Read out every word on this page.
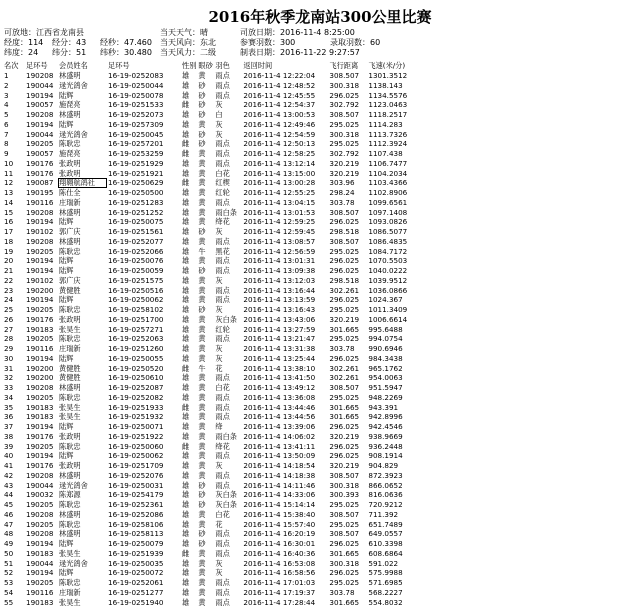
2016年秋季龙南站300公里比赛
可放地：江西省龙南县	当天天气：晴	司放日期：2016-11-4 8:25:00
经度：114 经分：43 经秒：47.460 当天风向：东北	参赛羽数：300	录取羽数：60
纬度：24 纬分：51 纬秒：30.480 当天风力：二级	制表日期：2016-11-22 9:27:57
名次	足环号	会员姓名	足环号	性别	眼砂	羽色	返回时间	飞行距离	飞速(米/分)
1	190208	林盛明	16-19-0252083	雄	黄	雨点	2016-11-4 12:22:04	308.507	1301.3512
2	190044	逯光鸽舍	16-19-0250044	雄	砂	雨点	2016-11-4 12:48:52	300.318	1138.143
3	190194	陆辉	16-19-0250078	雄	砂	雨点	2016-11-4 12:45:55	296.025	1134.5576
4	190057	施琵亮	16-19-0251533	雌	砂	灰	2016-11-4 12:54:37	302.792	1123.0463
5	190208	林盛明	16-19-0252073	雄	砂	白	2016-11-4 13:00:53	308.507	1118.2517
6	190194	陆辉	16-19-0257309	雄	黄	灰	2016-11-4 12:49:46	295.025	1114.283
7	190044	逯光鸽舍	16-19-0250045	雄	砂	灰	2016-11-4 12:54:59	300.318	1113.7326
8	190205	陈耿忠	16-19-0257201	雌	砂	雨点	2016-11-4 12:50:13	295.025	1112.3924
9	190057	施琵亮	16-19-0253259	雌	黄	雨点	2016-11-4 12:58:25	302.792	1107.438
10	190176	张政明	16-19-0251929	雄	黄	雨点	2016-11-4 13:12:14	320.219	1106.7477
11	190176	张政明	16-19-0251921	雄	黄	白花	2016-11-4 13:15:00	320.219	1104.2034
12	190087	翔翱航鸽社	16-19-0250629	雌	黄	红楔	2016-11-4 13:00:28	303.96	1103.4366
13	190195	陈仕全	16-19-0250500	雄	黄	红轮	2016-11-4 12:55:25	298.24	1102.8906
14	190116	庄瑞新	16-19-0251283	雄	黄	雨点	2016-11-4 13:04:15	303.78	1099.6561
15	190208	林盛明	16-19-0251252	雄	黄	雨白条	2016-11-4 13:01:53	308.507	1097.1408
16	190194	陆辉	16-19-0250075	雄	黄	绛花	2016-11-4 12:59:25	296.025	1093.0826
17	190102	郭广庆	16-19-0251561	雄	砂	灰	2016-11-4 12:59:45	298.518	1086.5077
18	190208	林盛明	16-19-0252077	雄	黄	雨点	2016-11-4 13:08:57	308.507	1086.4835
19	190205	陈耿忠	16-19-0252066	雄	牛	黑花	2016-11-4 12:56:59	295.025	1084.7172
20	190194	陆辉	16-19-0250076	雄	黄	雨点	2016-11-4 13:01:31	296.025	1070.5503
21	190194	陆辉	16-19-0250059	雄	砂	雨点	2016-11-4 13:09:38	296.025	1040.0222
22	190102	郭广庆	16-19-0251575	雄	黄	灰	2016-11-4 13:12:03	298.518	1039.9512
23	190200	黄健胜	16-19-0250516	雄	黄	雨点	2016-11-4 13:16:44	302.261	1036.0866
24	190194	陆辉	16-19-0250062	雄	黄	雨点	2016-11-4 13:13:59	296.025	1024.367
25	190205	陈耿忠	16-19-0258102	雄	砂	灰	2016-11-4 13:16:43	295.025	1011.3409
26	190176	张政明	16-19-0251700	雄	黄	灰白条	2016-11-4 13:43:06	320.219	1006.6614
27	190183	张昊生	16-19-0257271	雄	黄	红轮	2016-11-4 13:27:59	301.665	995.6488
28	190205	陈耿忠	16-19-0252063	雄	黄	雨点	2016-11-4 13:21:47	295.025	994.0754
29	190116	庄瑞新	16-19-0251260	雄	黄	灰	2016-11-4 13:31:38	303.78	990.6946
30	190194	陆辉	16-19-0250055	雄	黄	灰	2016-11-4 13:25:44	296.025	984.3438
31	190200	黄健胜	16-19-0250520	雌	牛	花	2016-11-4 13:38:10	302.261	965.1762
32	190200	黄健胜	16-19-0250610	雄	黄	雨点	2016-11-4 13:41:50	302.261	954.0063
33	190208	林盛明	16-19-0252087	雄	黄	白花	2016-11-4 13:49:12	308.507	951.5947
34	190205	陈耿忠	16-19-0252082	雄	黄	雨点	2016-11-4 13:36:08	295.025	948.2269
35	190183	张昊生	16-19-0251933	雌	黄	雨点	2016-11-4 13:44:46	301.665	943.391
36	190183	张昊生	16-19-0251932	雄	黄	雨点	2016-11-4 13:44:56	301.665	942.8996
37	190194	陆辉	16-19-0250071	雄	黄	绛	2016-11-4 13:39:06	296.025	942.4546
38	190176	张政明	16-19-0251922	雄	黄	雨白条	2016-11-4 14:06:02	320.219	938.9669
39	190205	陈耿忠	16-19-0250060	雌	黄	绛花	2016-11-4 13:41:11	296.025	936.2448
40	190194	陆辉	16-19-0250062	雄	黄	雨点	2016-11-4 13:50:09	296.025	908.1914
41	190176	张政明	16-19-0251709	雄	黄	灰	2016-11-4 14:18:54	320.219	904.829
42	190208	林盛明	16-19-0252076	雄	黄	雨点	2016-11-4 14:18:38	308.507	872.3923
43	190044	逯光鸽舍	16-19-0250031	雄	砂	雨点	2016-11-4 14:11:46	300.318	866.0652
44	190032	陈郑源	16-19-0254179	雄	砂	灰白条	2016-11-4 14:33:06	300.393	816.0636
45	190205	陈耿忠	16-19-0252361	雄	砂	灰白条	2016-11-4 15:14:14	295.025	720.9212
46	190208	林盛明	16-19-0252086	雄	黄	白花	2016-11-4 15:38:40	308.507	711.392
47	190205	陈耿忠	16-19-0258106	雄	黄	花	2016-11-4 15:57:40	295.025	651.7489
48	190208	林盛明	16-19-0258113	雄	砂	雨点	2016-11-4 16:20:19	308.507	649.0557
49	190194	陆辉	16-19-0250079	雄	砂	雨点	2016-11-4 16:30:01	296.025	610.3398
50	190183	张昊生	16-19-0251939	雌	黄	雨点	2016-11-4 16:40:36	301.665	608.6864
51	190044	逯光鸽舍	16-19-0250035	雄	黄	灰	2016-11-4 16:53:08	300.318	591.022
52	190194	陆辉	16-19-0250072	雄	黄	灰	2016-11-4 16:58:56	296.025	575.9988
53	190205	陈耿忠	16-19-0252061	雄	黄	雨点	2016-11-4 17:01:03	295.025	571.6985
54	190116	庄瑞新	16-19-0251277	雄	黄	雨点	2016-11-4 17:19:37	303.78	568.2227
55	190183	张昊生	16-19-0251940	雄	黄	雨点	2016-11-4 17:28:44	301.665	554.8032
